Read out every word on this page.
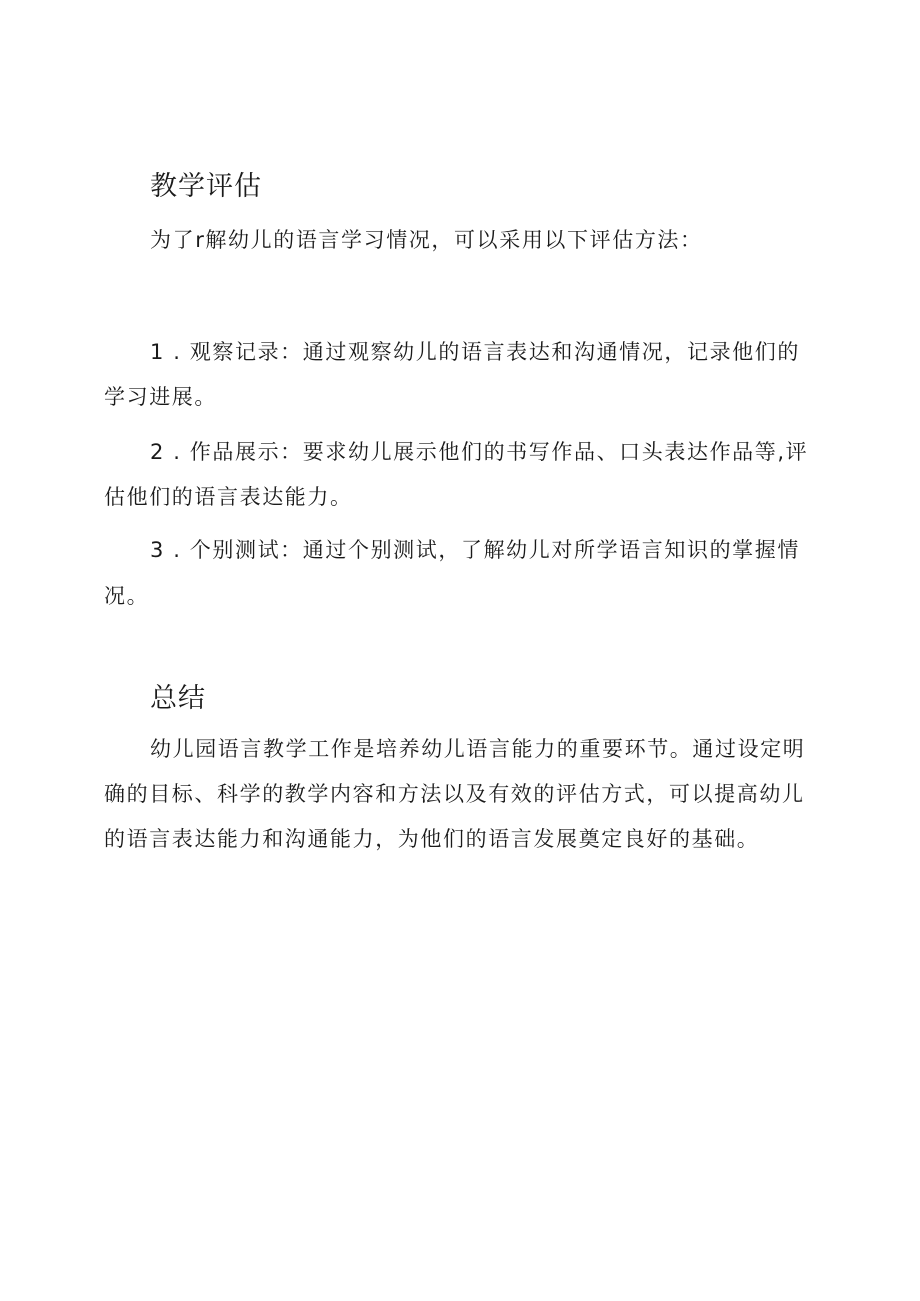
教学评估

为了r解幼儿的语言学习情况，可以采用以下评估方法：

1 . 观察记录：通过观察幼儿的语言表达和沟通情况，记录他们的

学习进展。

2 . 作品展示：要求幼儿展示他们的书写作品、口头表达作品等,评

估他们的语言表达能力。

3 . 个别测试：通过个别测试，了解幼儿对所学语言知识的掌握情

况。

总结

幼儿园语言教学工作是培养幼儿语言能力的重要环节。通过设定明

确的目标、科学的教学内容和方法以及有效的评估方式，可以提高幼儿

的语言表达能力和沟通能力，为他们的语言发展奠定良好的基础。
